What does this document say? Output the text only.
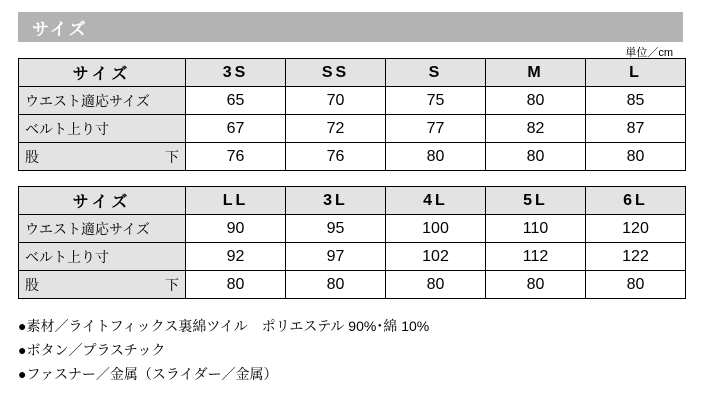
サイズ
単位／cm
サイズ	3S	SS	S	M	L
ウエスト適応サイズ	65	70	75	80	85
ベルト上り寸	67	72	77	82	87

股 下	76	76	80	80	80
サイズ	LL	3L	4L	5L	6L
ウエスト適応サイズ	90	95	100	110	120
ベルト上り寸	92	97	102	112	122

股 下	80	80	80	80	80
●素材／ライトフィックス裏綿ツイル　ポリエステル 90%･綿 10%
●ボタン／プラスチック
●ファスナー／金属（スライダー／金属）
